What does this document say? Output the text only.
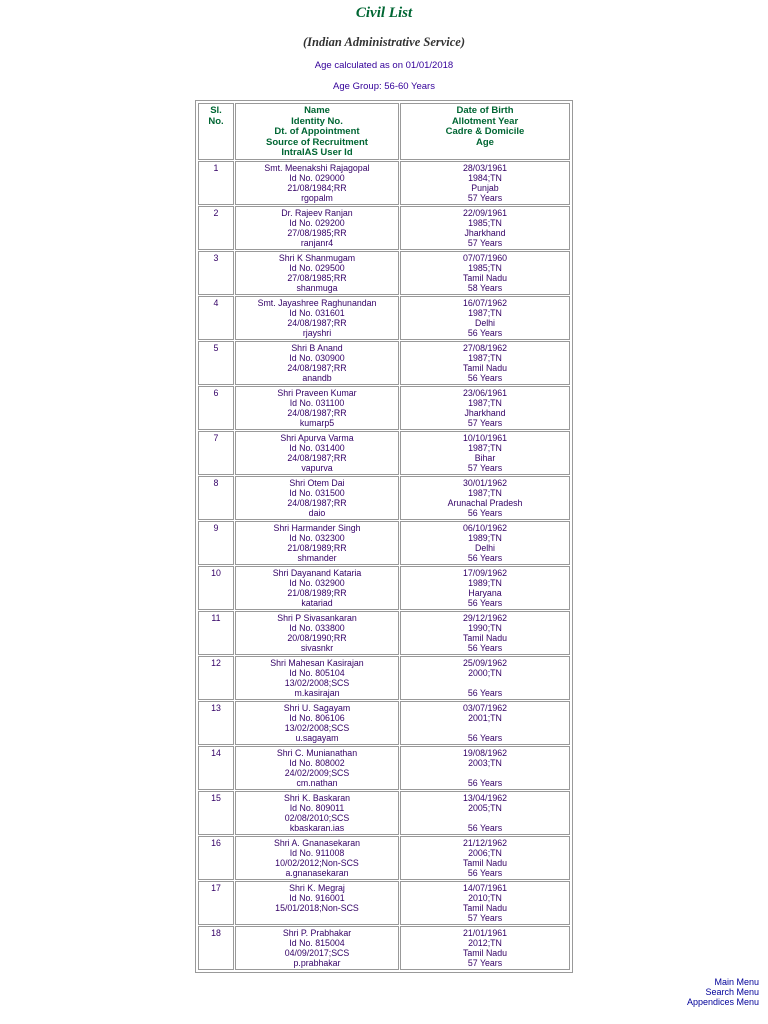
Civil List
(Indian Administrative Service)
Age calculated as on 01/01/2018
Age Group: 56-60 Years
Sl.
No.	Name
Identity No.
Dt. of Appointment
Source of Recruitment
IntraIAS User Id	Date of Birth
Allotment Year
Cadre & Domicile
Age

1	Smt. Meenakshi Rajagopal
Id No. 029000
21/08/1984;RR
rgopalm	28/03/1961
1984;TN
Punjab
57 Years

2	Dr. Rajeev Ranjan
Id No. 029200
27/08/1985;RR
ranjanr4	22/09/1961
1985;TN
Jharkhand
57 Years

3	Shri K Shanmugam
Id No. 029500
27/08/1985;RR
shanmuga	07/07/1960
1985;TN
Tamil Nadu
58 Years

4	Smt. Jayashree Raghunandan
Id No. 031601
24/08/1987;RR
rjayshri	16/07/1962
1987;TN
Delhi
56 Years

5	Shri B Anand
Id No. 030900
24/08/1987;RR
anandb	27/08/1962
1987;TN
Tamil Nadu
56 Years

6	Shri Praveen Kumar
Id No. 031100
24/08/1987;RR
kumarp5	23/06/1961
1987;TN
Jharkhand
57 Years

7	Shri Apurva Varma
Id No. 031400
24/08/1987;RR
vapurva	10/10/1961
1987;TN
Bihar
57 Years

8	Shri Otem Dai
Id No. 031500
24/08/1987;RR
daio	30/01/1962
1987;TN
Arunachal Pradesh
56 Years

9	Shri Harmander Singh
Id No. 032300
21/08/1989;RR
shmander	06/10/1962
1989;TN
Delhi
56 Years

10	Shri Dayanand Kataria
Id No. 032900
21/08/1989;RR
katariad	17/09/1962
1989;TN
Haryana
56 Years

11	Shri P Sivasankaran
Id No. 033800
20/08/1990;RR
sivasnkr	29/12/1962
1990;TN
Tamil Nadu
56 Years

12	Shri Mahesan Kasirajan
Id No. 805104
13/02/2008;SCS
m.kasirajan	25/09/1962
2000;TN
56 Years

13	Shri U. Sagayam
Id No. 806106
13/02/2008;SCS
u.sagayam	03/07/1962
2001;TN
56 Years

14	Shri C. Munianathan
Id No. 808002
24/02/2009;SCS
cm.nathan	19/08/1962
2003;TN
56 Years

15	Shri K. Baskaran
Id No. 809011
02/08/2010;SCS
kbaskaran.ias	13/04/1962
2005;TN
56 Years

16	Shri A. Gnanasekaran
Id No. 911008
10/02/2012;Non-SCS
a.gnanasekaran	21/12/1962
2006;TN
Tamil Nadu
56 Years

17	Shri K. Megraj
Id No. 916001
15/01/2018;Non-SCS	14/07/1961
2010;TN
Tamil Nadu
57 Years

18	Shri P. Prabhakar
Id No. 815004
04/09/2017;SCS
p.prabhakar	21/01/1961
2012;TN
Tamil Nadu
57 Years
Main Menu
Search Menu
Appendices Menu
